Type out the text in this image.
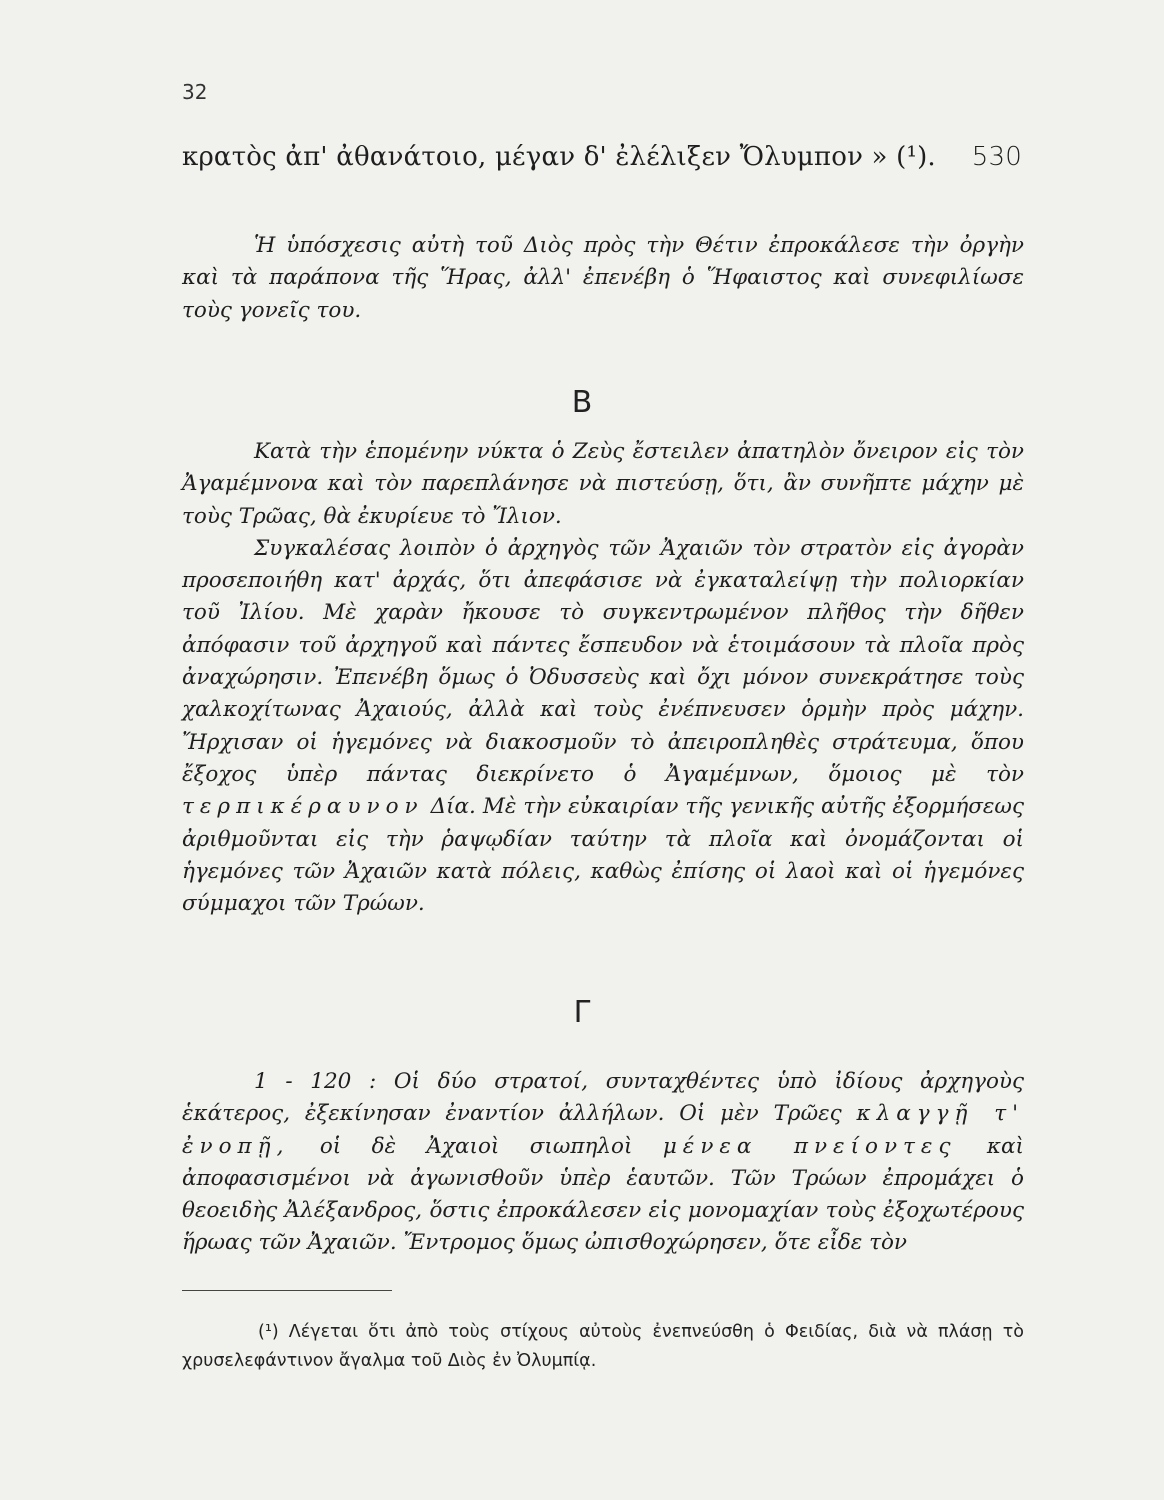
32
κρατὸς ἀπ' ἀθανάτοιο, μέγαν δ' ἐλέλιξεν Ὄλυμπον » (¹). 530

Ἡ ὑπόσχεσις αὐτὴ τοῦ Διὸς πρὸς τὴν Θέτιν ἐπροκάλεσε τὴν ὀργὴν καὶ τὰ παράπονα τῆς Ἥρας, ἀλλ' ἐπενέβη ὁ Ἥφαιστος καὶ συνεφιλίωσε τοὺς γονεῖς του.

Β

Κατὰ τὴν ἑπομένην νύκτα ὁ Ζεὺς ἔστειλεν ἀπατηλὸν ὄνειρον εἰς τὸν Ἀγαμέμνονα καὶ τὸν παρεπλάνησε νὰ πιστεύσῃ, ὅτι, ἂν συνῆπτε μάχην μὲ τοὺς Τρῶας, θὰ ἐκυρίευε τὸ Ἴλιον.

Συγκαλέσας λοιπὸν ὁ ἀρχηγὸς τῶν Ἀχαιῶν τὸν στρατὸν εἰς ἀγορὰν προσεποιήθη κατ' ἀρχάς, ὅτι ἀπεφάσισε νὰ ἐγκαταλείψῃ τὴν πολιορκίαν τοῦ Ἰλίου. Μὲ χαρὰν ἤκουσε τὸ συγκεντρωμένον πλῆθος τὴν δῆθεν ἀπόφασιν τοῦ ἀρχηγοῦ καὶ πάντες ἔσπευδον νὰ ἑτοιμάσουν τὰ πλοῖα πρὸς ἀναχώρησιν. Ἐπενέβη ὅμως ὁ Ὀδυσσεὺς καὶ ὄχι μόνον συνεκράτησε τοὺς χαλκοχίτωνας Ἀχαιούς, ἀλλὰ καὶ τοὺς ἐνέπνευσεν ὁρμὴν πρὸς μάχην. Ἤρχισαν οἱ ἡγεμόνες νὰ διακοσμοῦν τὸ ἀπειροπληθὲς στράτευμα, ὅπου ἔξοχος ὑπὲρ πάντας διεκρίνετο ὁ Ἀγαμέμνων, ὅμοιος μὲ τὸν τερπικέραυνον Δία. Μὲ τὴν εὐκαιρίαν τῆς γενικῆς αὐτῆς ἐξορμήσεως ἀριθμοῦνται εἰς τὴν ῥαψῳδίαν ταύτην τὰ πλοῖα καὶ ὀνομάζονται οἱ ἡγεμόνες τῶν Ἀχαιῶν κατὰ πόλεις, καθὼς ἐπίσης οἱ λαοὶ καὶ οἱ ἡγεμόνες σύμμαχοι τῶν Τρώων.

Γ

1 - 120 : Οἱ δύο στρατοί, συνταχθέντες ὑπὸ ἰδίους ἀρχηγοὺς ἑκάτερος, ἐξεκίνησαν ἐναντίον ἀλλήλων. Οἱ μὲν Τρῶες κλαγγῇ τ' ἐνοπῇ, οἱ δὲ Ἀχαιοὶ σιωπηλοὶ μένεα πνείοντες καὶ ἀποφασισμένοι νὰ ἀγωνισθοῦν ὑπὲρ ἑαυτῶν. Τῶν Τρώων ἐπρομάχει ὁ θεοειδὴς Ἀλέξανδρος, ὅστις ἐπροκάλεσεν εἰς μονομαχίαν τοὺς ἐξοχωτέρους ἥρωας τῶν Ἀχαιῶν. Ἔντρομος ὅμως ὠπισθοχώρησεν, ὅτε εἶδε τὸν

(¹) Λέγεται ὅτι ἀπὸ τοὺς στίχους αὐτοὺς ἐνεπνεύσθη ὁ Φειδίας, διὰ νὰ πλάσῃ τὸ χρυσελεφάντινον ἄγαλμα τοῦ Διὸς ἐν Ὀλυμπίᾳ.
